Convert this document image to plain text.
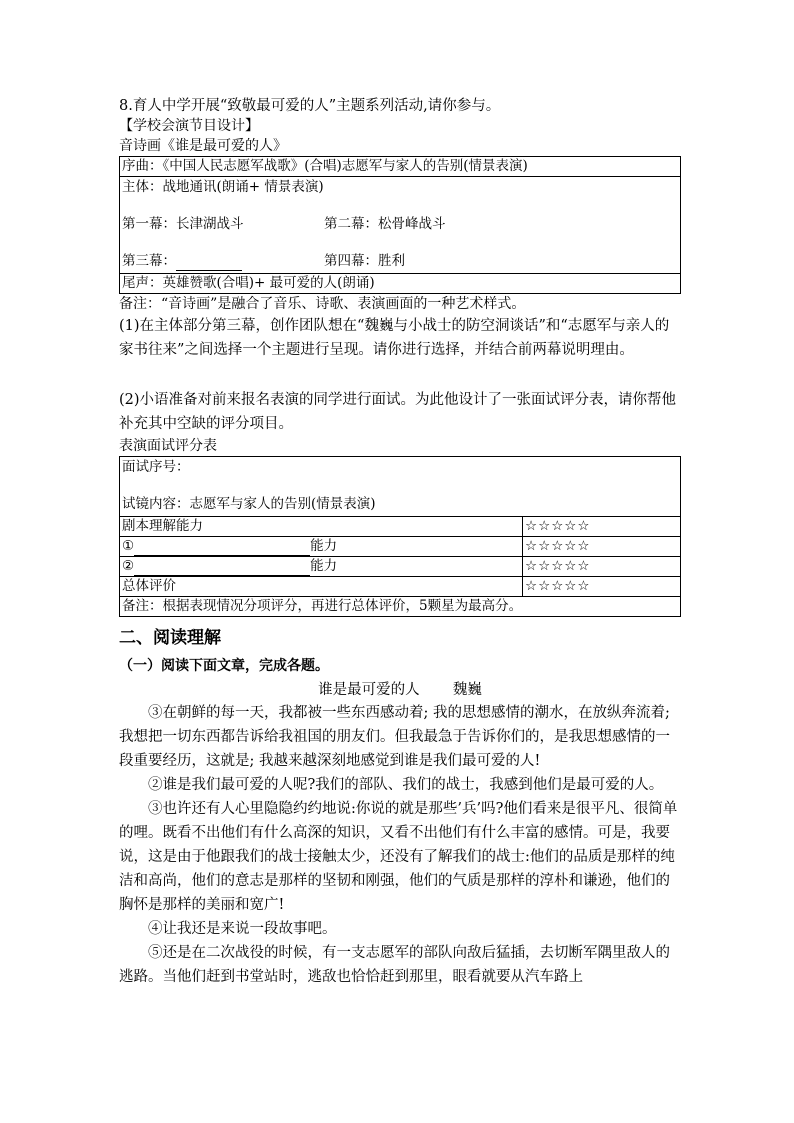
8.育人中学开展“致敬最可爱的人”主题系列活动,请你参与。
【学校会演节目设计】
音诗画《谁是最可爱的人》
序曲：《中国人民志愿军战歌》(合唱)志愿军与家人的告别(情景表演)

主体：战地通讯(朗诵+ 情景表演)
第一幕：长津湖战斗	第二幕：松骨峰战斗
第三幕：	第四幕：胜利

尾声：英雄赞歌(合唱)+ 最可爱的人(朗诵)
备注：“音诗画”是融合了音乐、诗歌、表演画面的一种艺术样式。
(1)在主体部分第三幕，创作团队想在“魏巍与小战士的防空洞谈话”和“志愿军与亲人的家书往来”之间选择一个主题进行呈现。请你进行选择，并结合前两幕说明理由。
(2)小语准备对前来报名表演的同学进行面试。为此他设计了一张面试评分表，请你帮他补充其中空缺的评分项目。
表演面试评分表
面试序号：
试镜内容：志愿军与家人的告别(情景表演)	

剧本理解能力	☆☆☆☆☆
① 能力	☆☆☆☆☆
② 能力	☆☆☆☆☆
总体评价	☆☆☆☆☆
备注：根据表现情况分项评分，再进行总体评价，5颗星为最高分。	
二、阅读理解
（一）阅读下面文章，完成各题。
谁是最可爱的人 魏巍
③在朝鲜的每一天，我都被一些东西感动着; 我的思想感情的潮水，在放纵奔流着; 我想把一切东西都告诉给我祖国的朋友们。但我最急于告诉你们的，是我思想感情的一段重要经历，这就是; 我越来越深刻地感觉到谁是我们最可爱的人!
②谁是我们最可爱的人呢?我们的部队、我们的战士，我感到他们是最可爱的人。
③也许还有人心里隐隐约约地说:你说的就是那些’兵’吗?他们看来是很平凡、很简单的哩。既看不出他们有什么高深的知识，又看不出他们有什么丰富的感情。可是，我要说，这是由于他跟我们的战士接触太少，还没有了解我们的战士:他们的品质是那样的纯洁和高尚，他们的意志是那样的坚韧和刚强，他们的气质是那样的淳朴和谦逊，他们的胸怀是那样的美丽和宽广!
④让我还是来说一段故事吧。
⑤还是在二次战役的时候，有一支志愿军的部队向敌后猛插，去切断军隅里敌人的逃路。当他们赶到书堂站时，逃敌也恰恰赶到那里，眼看就要从汽车路上
